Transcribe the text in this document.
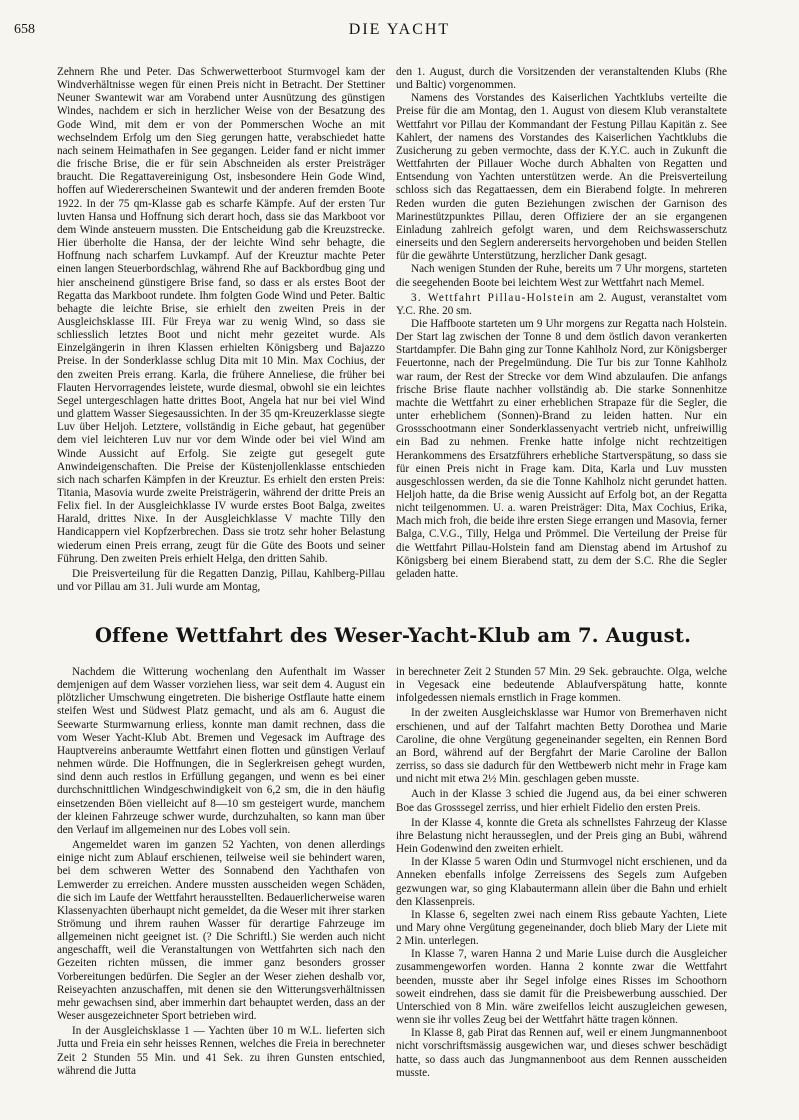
658	DIE YACHT

Zehnern Rhe und Peter. Das Schwerwetterboot Sturmvogel kam der Windverhältnisse wegen für einen Preis nicht in Betracht. Der Stettiner Neuner Swantewit war am Vorabend unter Ausnützung des günstigen Windes, nachdem er sich in herzlicher Weise von der Besatzung des Gode Wind, mit dem er von der Pommerschen Woche an mit wechselndem Erfolg um den Sieg gerungen hatte, verabschiedet hatte nach seinem Heimathafen in See gegangen. Leider fand er nicht immer die frische Brise, die er für sein Abschneiden als erster Preisträger braucht. Die Regattavereinigung Ost, insbesondere Hein Gode Wind, hoffen auf Wiedererscheinen Swantewit und der anderen fremden Boote 1922. In der 75 qm-Klasse gab es scharfe Kämpfe. Auf der ersten Tur luvten Hansa und Hoffnung sich derart hoch, dass sie das Markboot vor dem Winde ansteuern mussten. Die Entscheidung gab die Kreuzstrecke. Hier überholte die Hansa, der der leichte Wind sehr behagte, die Hoffnung nach scharfem Luvkampf. Auf der Kreuztur machte Peter einen langen Steuerbordschlag, während Rhe auf Backbordbug ging und hier anscheinend günstigere Brise fand, so dass er als erstes Boot der Regatta das Markboot rundete. Ihm folgten Gode Wind und Peter. Baltic behagte die leichte Brise, sie erhielt den zweiten Preis in der Ausgleichsklasse III. Für Freya war zu wenig Wind, so dass sie schliesslich letztes Boot und nicht mehr gezeitet wurde. Als Einzelgängerin in ihren Klassen erhielten Königsberg und Bajazzo Preise. In der Sonderklasse schlug Dita mit 10 Min. Max Cochius, der den zweiten Preis errang. Karla, die frühere Anneliese, die früher bei Flauten Hervorragendes leistete, wurde diesmal, obwohl sie ein leichtes Segel untergeschlagen hatte drittes Boot, Angela hat nur bei viel Wind und glattem Wasser Siegesaussichten. In der 35 qm-Kreuzerklasse siegte Luv über Heljoh. Letztere, vollständig in Eiche gebaut, hat gegenüber dem viel leichteren Luv nur vor dem Winde oder bei viel Wind am Winde Aussicht auf Erfolg. Sie zeigte gut gesegelt gute Anwindeigenschaften. Die Preise der Küstenjollenklasse entschieden sich nach scharfen Kämpfen in der Kreuztur. Es erhielt den ersten Preis: Titania, Masovia wurde zweite Preisträgerin, während der dritte Preis an Felix fiel. In der Ausgleichklasse IV wurde erstes Boot Balga, zweites Harald, drittes Nixe. In der Ausgleichklasse V machte Tilly den Handicappern viel Kopfzerbrechen. Dass sie trotz sehr hoher Belastung wiederum einen Preis errang, zeugt für die Güte des Boots und seiner Führung. Den zweiten Preis erhielt Helga, den dritten Sahib.

Die Preisverteilung für die Regatten Danzig, Pillau, Kahlberg-Pillau und vor Pillau am 31. Juli wurde am Montag,

den 1. August, durch die Vorsitzenden der veranstaltenden Klubs (Rhe und Baltic) vorgenommen.

Namens des Vorstandes des Kaiserlichen Yachtklubs verteilte die Preise für die am Montag, den 1. August von diesem Klub veranstaltete Wettfahrt vor Pillau der Kommandant der Festung Pillau Kapitän z. See Kahlert, der namens des Vorstandes des Kaiserlichen Yachtklubs die Zusicherung zu geben vermochte, dass der K.Y.C. auch in Zukunft die Wettfahrten der Pillauer Woche durch Abhalten von Regatten und Entsendung von Yachten unterstützen werde. An die Preisverteilung schloss sich das Regattaessen, dem ein Bierabend folgte. In mehreren Reden wurden die guten Beziehungen zwischen der Garnison des Marinestützpunktes Pillau, deren Offiziere der an sie ergangenen Einladung zahlreich gefolgt waren, und dem Reichswasserschutz einerseits und den Seglern andererseits hervorgehoben und beiden Stellen für die gewährte Unterstützung, herzlicher Dank gesagt.

Nach wenigen Stunden der Ruhe, bereits um 7 Uhr morgens, starteten die seegehenden Boote bei leichtem West zur Wettfahrt nach Memel.

3. Wettfahrt Pillau-Holstein am 2. August, veranstaltet vom Y.C. Rhe. 20 sm.

Die Haffboote starteten um 9 Uhr morgens zur Regatta nach Holstein. Der Start lag zwischen der Tonne 8 und dem östlich davon verankerten Startdampfer. Die Bahn ging zur Tonne Kahlholz Nord, zur Königsberger Feuertonne, nach der Pregelmündung. Die Tur bis zur Tonne Kahlholz war raum, der Rest der Strecke vor dem Wind abzulaufen. Die anfangs frische Brise flaute nachher vollständig ab. Die starke Sonnenhitze machte die Wettfahrt zu einer erheblichen Strapaze für die Segler, die unter erheblichem (Sonnen)-Brand zu leiden hatten. Nur ein Grossschootmann einer Sonderklassenyacht vertrieb nicht, unfreiwillig ein Bad zu nehmen. Frenke hatte infolge nicht rechtzeitigen Herankommens des Ersatzführers erhebliche Startverspätung, so dass sie für einen Preis nicht in Frage kam. Dita, Karla und Luv mussten ausgeschlossen werden, da sie die Tonne Kahlholz nicht gerundet hatten. Heljoh hatte, da die Brise wenig Aussicht auf Erfolg bot, an der Regatta nicht teilgenommen. U. a. waren Preisträger: Dita, Max Cochius, Erika, Mach mich froh, die beide ihre ersten Siege errangen und Masovia, ferner Balga, C.V.G., Tilly, Helga und Prömmel. Die Verteilung der Preise für die Wettfahrt Pillau-Holstein fand am Dienstag abend im Artushof zu Königsberg bei einem Bierabend statt, zu dem der S.C. Rhe die Segler geladen hatte.

Offene Wettfahrt des Weser-Yacht-Klub am 7. August.

Nachdem die Witterung wochenlang den Aufenthalt im Wasser demjenigen auf dem Wasser vorziehen liess, war seit dem 4. August ein plötzlicher Umschwung eingetreten. Die bisherige Ostflaute hatte einem steifen West und Südwest Platz gemacht, und als am 6. August die Seewarte Sturmwarnung erliess, konnte man damit rechnen, dass die vom Weser Yacht-Klub Abt. Bremen und Vegesack im Auftrage des Hauptvereins anberaumte Wettfahrt einen flotten und günstigen Verlauf nehmen würde. Die Hoffnungen, die in Seglerkreisen gehegt wurden, sind denn auch restlos in Erfüllung gegangen, und wenn es bei einer durchschnittlichen Windgeschwindigkeit von 6,2 sm, die in den häufig einsetzenden Böen vielleicht auf 8—10 sm gesteigert wurde, manchem der kleinen Fahrzeuge schwer wurde, durchzuhalten, so kann man über den Verlauf im allgemeinen nur des Lobes voll sein.

Angemeldet waren im ganzen 52 Yachten, von denen allerdings einige nicht zum Ablauf erschienen, teilweise weil sie behindert waren, bei dem schweren Wetter des Sonnabend den Yachthafen von Lemwerder zu erreichen. Andere mussten ausscheiden wegen Schäden, die sich im Laufe der Wettfahrt herausstellten. Bedauerlicherweise waren Klassenyachten überhaupt nicht gemeldet, da die Weser mit ihrer starken Strömung und ihrem rauhen Wasser für derartige Fahrzeuge im allgemeinen nicht geeignet ist. (? Die Schriftl.) Sie werden auch nicht angeschafft, weil die Veranstaltungen von Wettfahrten sich nach den Gezeiten richten müssen, die immer ganz besonders grosser Vorbereitungen bedürfen. Die Segler an der Weser ziehen deshalb vor, Reiseyachten anzuschaffen, mit denen sie den Witterungsverhältnissen mehr gewachsen sind, aber immerhin dart behauptet werden, dass an der Weser ausgezeichneter Sport betrieben wird.

In der Ausgleichsklasse 1 — Yachten über 10 m W.L. lieferten sich Jutta und Freia ein sehr heisses Rennen, welches die Freia in berechneter Zeit 2 Stunden 55 Min. und 41 Sek. zu ihren Gunsten entschied, während die Jutta

in berechneter Zeit 2 Stunden 57 Min. 29 Sek. gebrauchte. Olga, welche in Vegesack eine bedeutende Ablaufverspätung hatte, konnte infolgedessen niemals ernstlich in Frage kommen.

In der zweiten Ausgleichsklasse war Humor von Bremerhaven nicht erschienen, und auf der Talfahrt machten Betty Dorothea und Marie Caroline, die ohne Vergütung gegeneinander segelten, ein Rennen Bord an Bord, während auf der Bergfahrt der Marie Caroline der Ballon zerriss, so dass sie dadurch für den Wettbewerb nicht mehr in Frage kam und nicht mit etwa 2½ Min. geschlagen geben musste.

Auch in der Klasse 3 schied die Jugend aus, da bei einer schweren Boe das Grosssegel zerriss, und hier erhielt Fidelio den ersten Preis.

In der Klasse 4, konnte die Greta als schnellstes Fahrzeug der Klasse ihre Belastung nicht herausseglen, und der Preis ging an Bubi, während Hein Godenwind den zweiten erhielt.

In der Klasse 5 waren Odin und Sturmvogel nicht erschienen, und da Anneken ebenfalls infolge Zerreissens des Segels zum Aufgeben gezwungen war, so ging Klabautermann allein über die Bahn und erhielt den Klassenpreis.

In Klasse 6, segelten zwei nach einem Riss gebaute Yachten, Liete und Mary ohne Vergütung gegeneinander, doch blieb Mary der Liete mit 2 Min. unterlegen.

In Klasse 7, waren Hanna 2 und Marie Luise durch die Ausgleicher zusammengeworfen worden. Hanna 2 konnte zwar die Wettfahrt beenden, musste aber ihr Segel infolge eines Risses im Schoothorn soweit eindrehen, dass sie damit für die Preisbewerbung ausschied. Der Unterschied von 8 Min. wäre zweifellos leicht auszugleichen gewesen, wenn sie ihr volles Zeug bei der Wettfahrt hätte tragen können.

In Klasse 8, gab Pirat das Rennen auf, weil er einem Jungmannenboot nicht vorschriftsmässig ausgewichen war, und dieses schwer beschädigt hatte, so dass auch das Jungmannenboot aus dem Rennen ausscheiden musste.
